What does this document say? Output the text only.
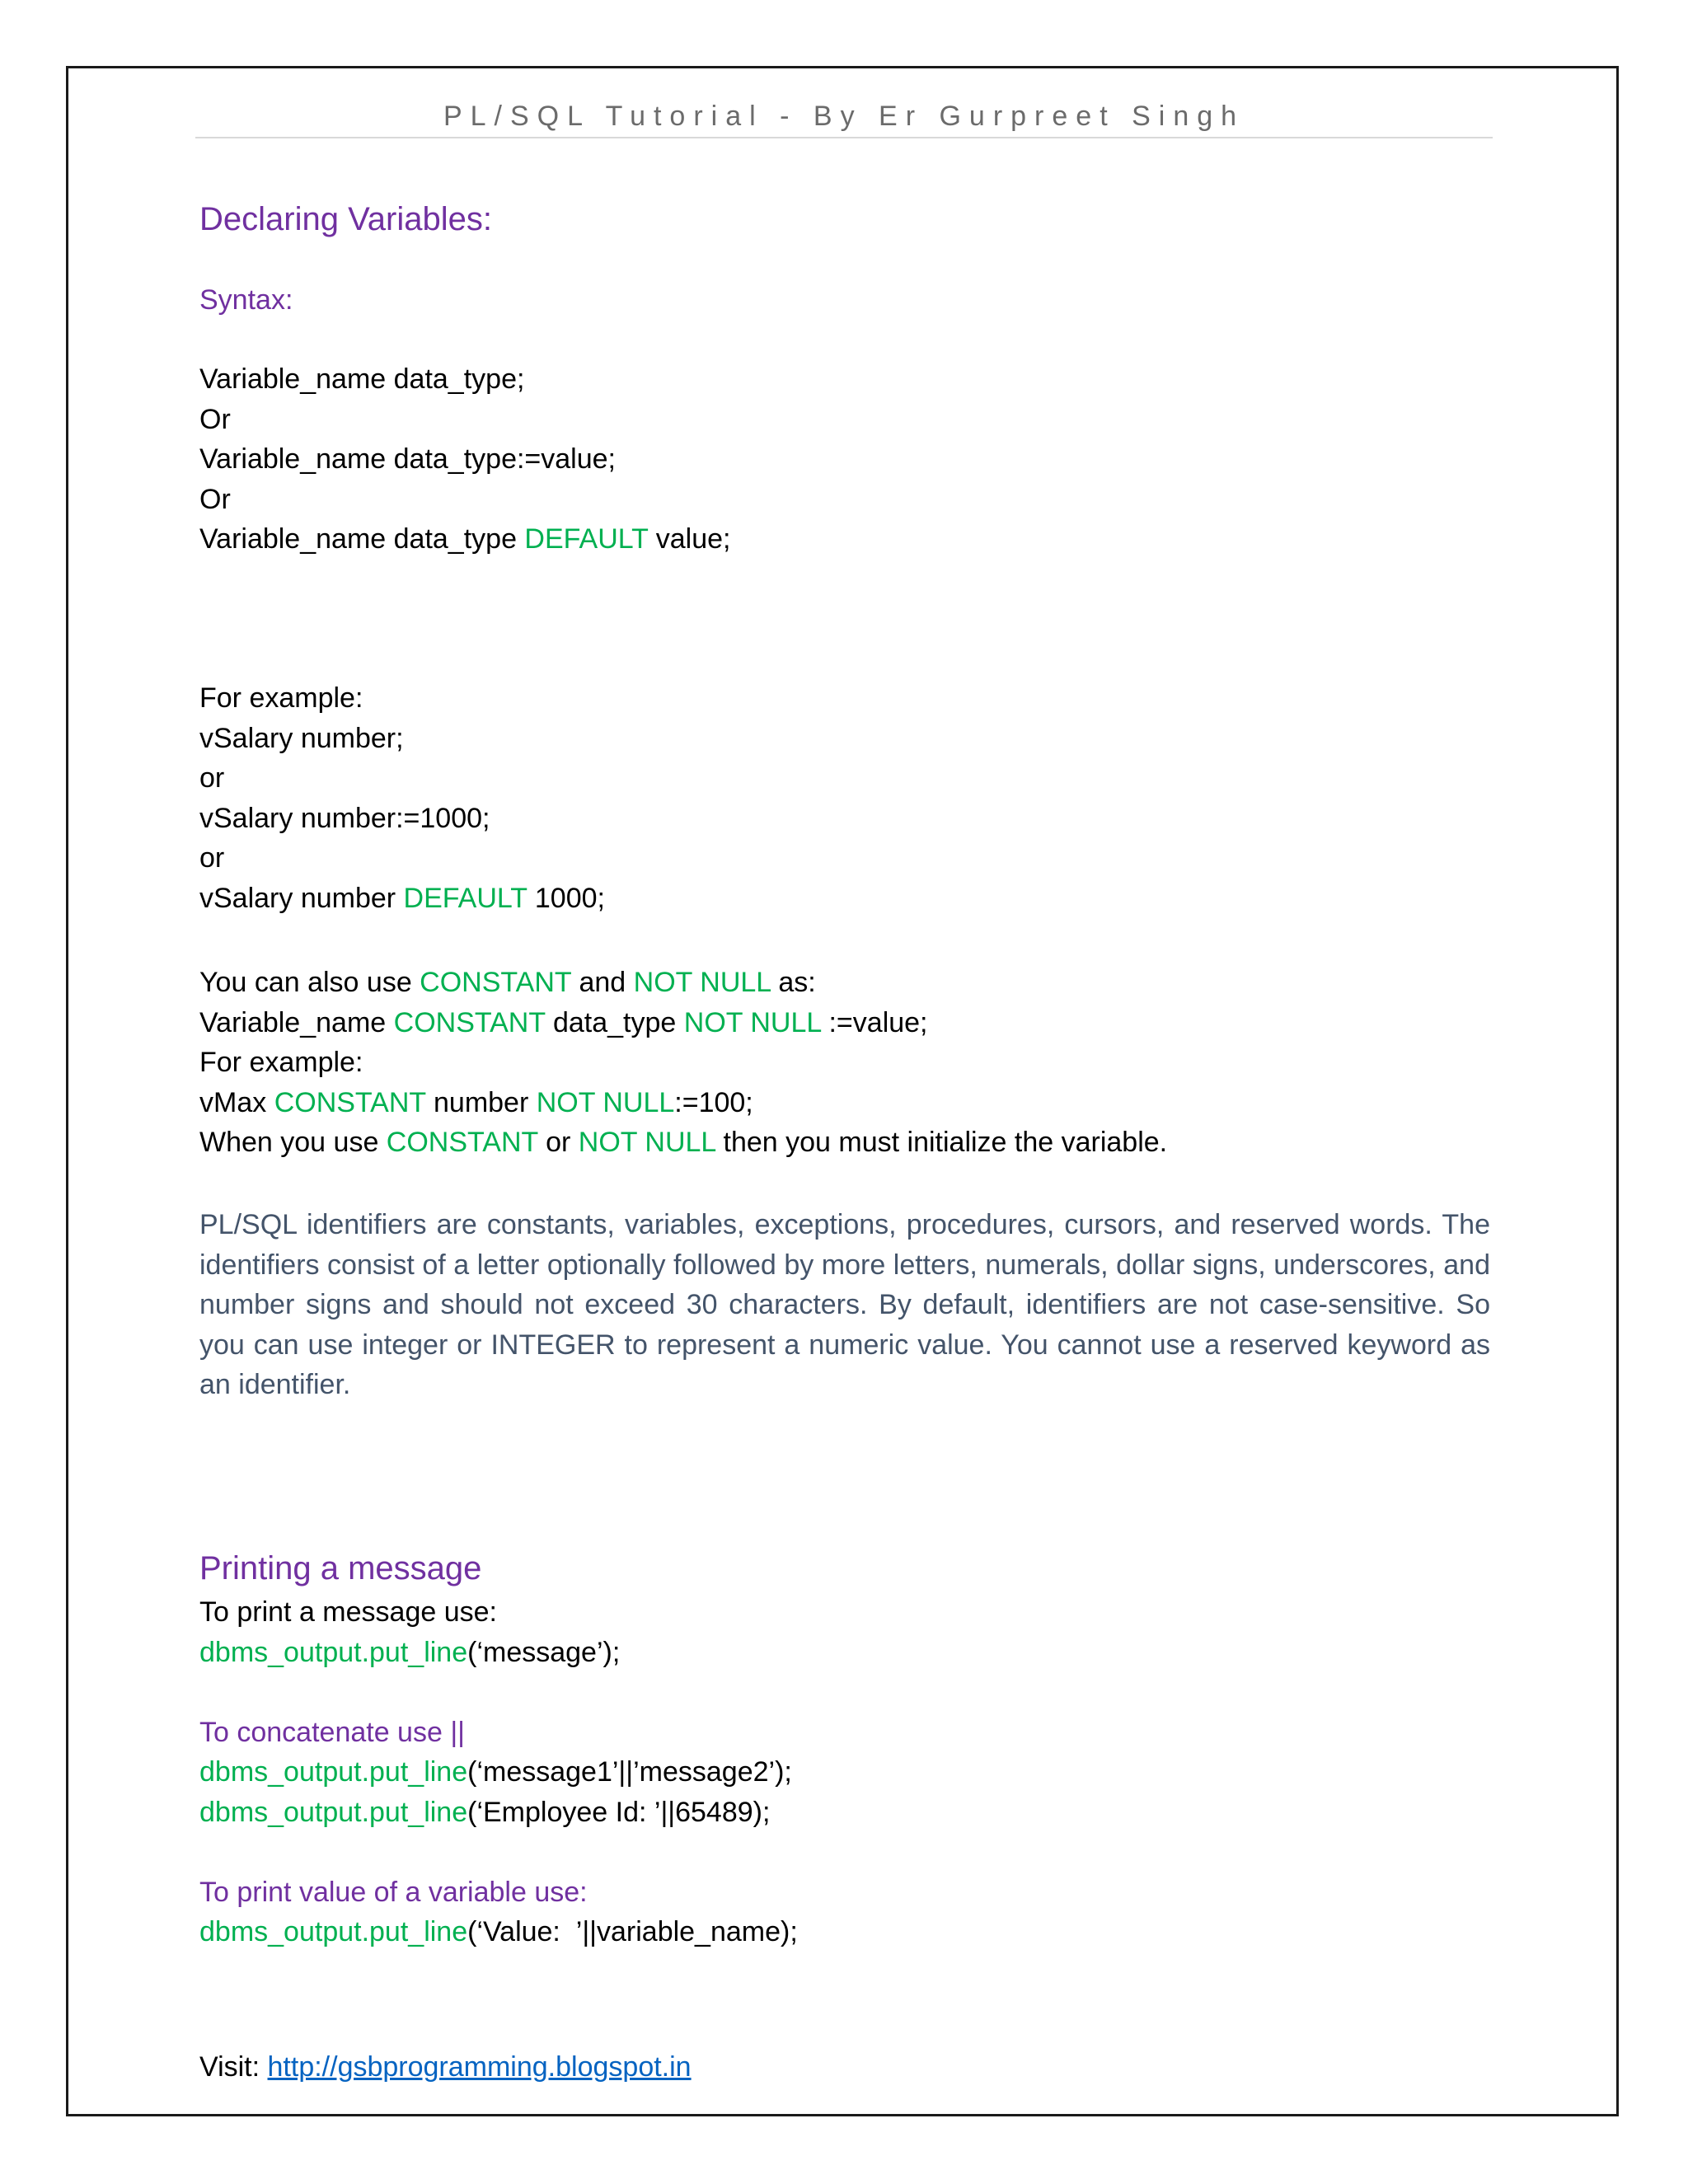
PL/SQL Tutorial - By Er Gurpreet Singh
Declaring Variables:
Syntax:
Variable_name data_type;
Or
Variable_name data_type:=value;
Or
Variable_name data_type DEFAULT value;
For example:
vSalary number;
or
vSalary number:=1000;
or
vSalary number DEFAULT 1000;
You can also use CONSTANT and NOT NULL as:
Variable_name CONSTANT data_type NOT NULL :=value;
For example:
vMax CONSTANT number NOT NULL:=100;
When you use CONSTANT or NOT NULL then you must initialize the variable.

PL/SQL identifiers are constants, variables, exceptions, procedures, cursors, and reserved words. The identifiers consist of a letter optionally followed by more letters, numerals, dollar signs, underscores, and number signs and should not exceed 30 characters. By default, identifiers are not case-sensitive. So you can use integer or INTEGER to represent a numeric value. You cannot use a reserved keyword as an identifier.

Printing a message
To print a message use:
dbms_output.put_line(‘message’);

To concatenate use ||
dbms_output.put_line(‘message1’||’message2’);
dbms_output.put_line(‘Employee Id: ’||65489);

To print value of a variable use:
dbms_output.put_line(‘Value:  ’||variable_name);
Visit: http://gsbprogramming.blogspot.in
